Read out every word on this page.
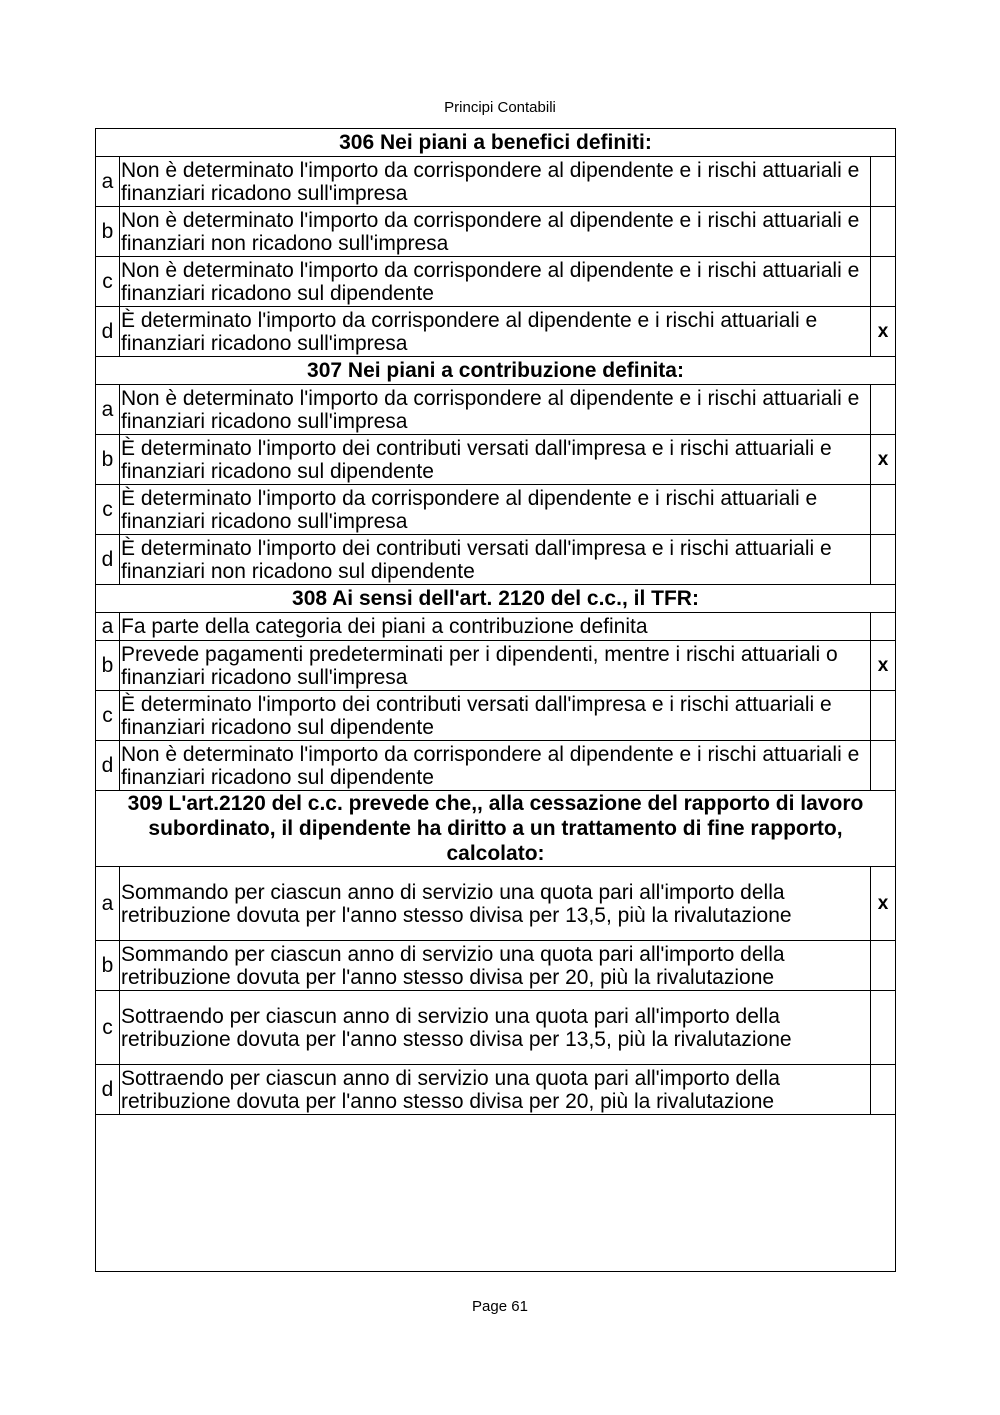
Principi Contabili
306 Nei piani a benefici definiti:		
a	Non è determinato l'importo da corrispondere al dipendente e i rischi attuariali e finanziari ricadono sull'impresa	
b	Non è determinato l'importo da corrispondere al dipendente e i rischi attuariali e finanziari non ricadono sull'impresa	
c	Non è determinato l'importo da corrispondere al dipendente e i rischi attuariali e finanziari ricadono sul dipendente	
d	È determinato l'importo da corrispondere al dipendente e i rischi attuariali e finanziari ricadono sull'impresa	x
307 Nei piani a contribuzione definita:		
a	Non è determinato l'importo da corrispondere al dipendente e i rischi attuariali e finanziari ricadono sull'impresa	
b	È determinato l'importo dei contributi versati dall'impresa e i rischi attuariali e finanziari ricadono sul dipendente	x
c	È determinato l'importo da corrispondere al dipendente e i rischi attuariali e finanziari ricadono sull'impresa	
d	È determinato l'importo dei contributi versati dall'impresa e i rischi attuariali e finanziari non ricadono sul dipendente	
308 Ai sensi dell'art. 2120 del c.c., il TFR:		
a	Fa parte della categoria dei piani a contribuzione definita	
b	Prevede pagamenti predeterminati per i dipendenti, mentre i rischi attuariali o finanziari ricadono sull'impresa	x
c	È determinato l'importo dei contributi versati dall'impresa e i rischi attuariali e finanziari ricadono sul dipendente	
d	Non è determinato l'importo da corrispondere al dipendente e i rischi attuariali e finanziari ricadono sul dipendente	
309 L'art.2120 del c.c. prevede che,, alla cessazione del rapporto di lavoro subordinato, il dipendente ha diritto a un trattamento di fine rapporto, calcolato:		
a	Sommando per ciascun anno di servizio una quota pari all'importo della retribuzione dovuta per l'anno stesso divisa per 13,5, più la rivalutazione	x
b	Sommando per ciascun anno di servizio una quota pari all'importo della retribuzione dovuta per l'anno stesso divisa per 20, più la rivalutazione	
c	Sottraendo per ciascun anno di servizio una quota pari all'importo della retribuzione dovuta per l'anno stesso divisa per 13,5, più la rivalutazione	
d	Sottraendo per ciascun anno di servizio una quota pari all'importo della retribuzione dovuta per l'anno stesso divisa per 20, più la rivalutazione	
Page 61
